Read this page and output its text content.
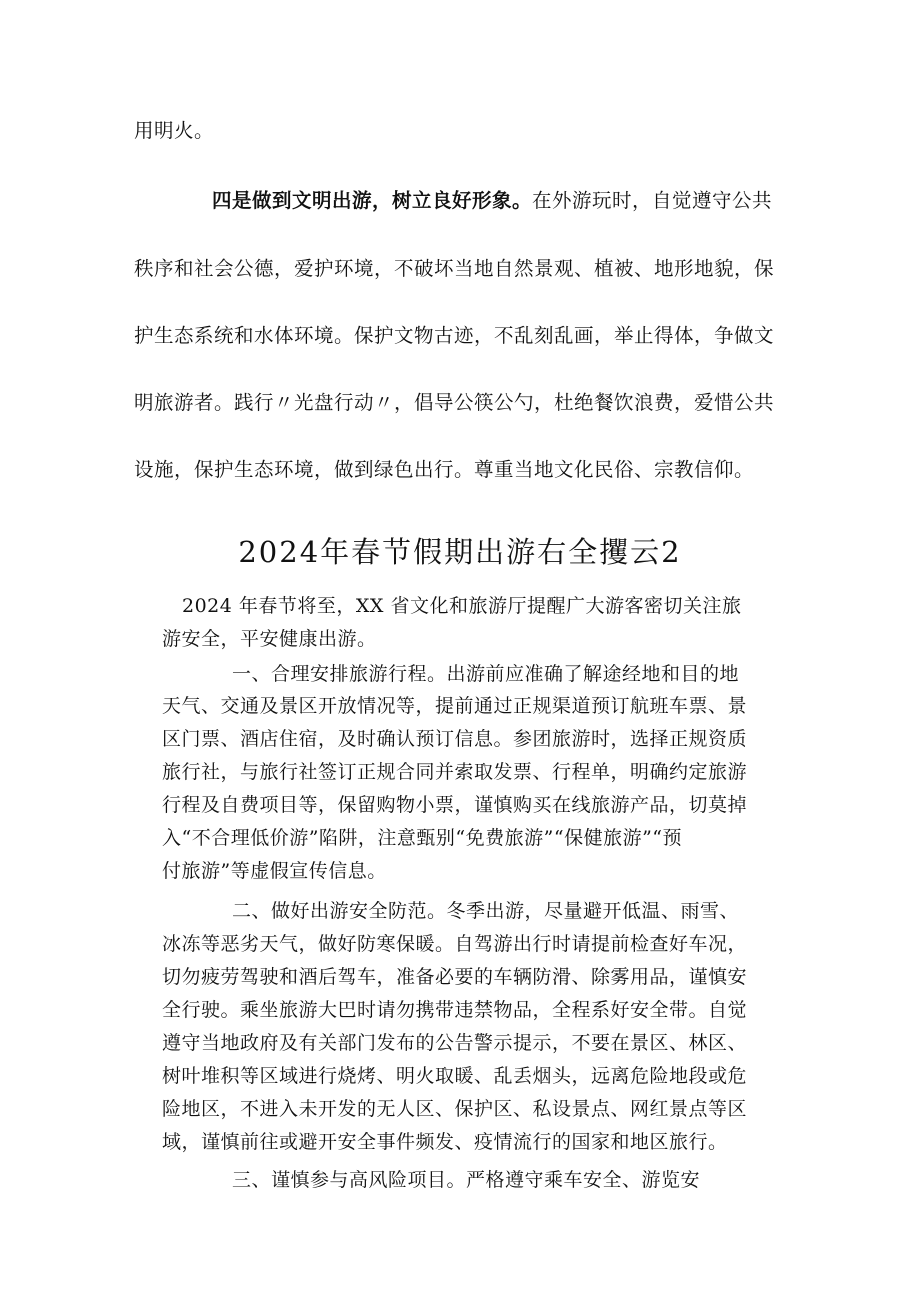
用明火。
四是做到文明出游，树立良好形象。在外游玩时，自觉遵守公共
秩序和社会公德，爱护环境，不破坏当地自然景观、植被、地形地貌，保
护生态系统和水体环境。保护文物古迹，不乱刻乱画，举止得体，争做文
明旅游者。践行〃光盘行动〃，倡导公筷公勺，杜绝餐饮浪费，爱惜公共
设施，保护生态环境，做到绿色出行。尊重当地文化民俗、宗教信仰。
2024年春节假期出游右全攫云2
2024 年春节将至，XX 省文化和旅游厅提醒广大游客密切关注旅
游安全，平安健康出游。
一、合理安排旅游行程。出游前应准确了解途经地和目的地
天气、交通及景区开放情况等，提前通过正规渠道预订航班车票、景
区门票、酒店住宿，及时确认预订信息。参团旅游时，选择正规资质
旅行社，与旅行社签订正规合同并索取发票、行程单，明确约定旅游
行程及自费项目等，保留购物小票，谨慎购买在线旅游产品，切莫掉
入“不合理低价游”陷阱，注意甄别“免费旅游”“保健旅游”“预
付旅游”等虚假宣传信息。
二、做好出游安全防范。冬季出游，尽量避开低温、雨雪、
冰冻等恶劣天气，做好防寒保暖。自驾游出行时请提前检查好车况，
切勿疲劳驾驶和酒后驾车，准备必要的车辆防滑、除雾用品，谨慎安
全行驶。乘坐旅游大巴时请勿携带违禁物品，全程系好安全带。自觉
遵守当地政府及有关部门发布的公告警示提示，不要在景区、林区、
树叶堆积等区域进行烧烤、明火取暖、乱丢烟头，远离危险地段或危
险地区，不进入未开发的无人区、保护区、私设景点、网红景点等区
域，谨慎前往或避开安全事件频发、疫情流行的国家和地区旅行。
三、谨慎参与高风险项目。严格遵守乘车安全、游览安
